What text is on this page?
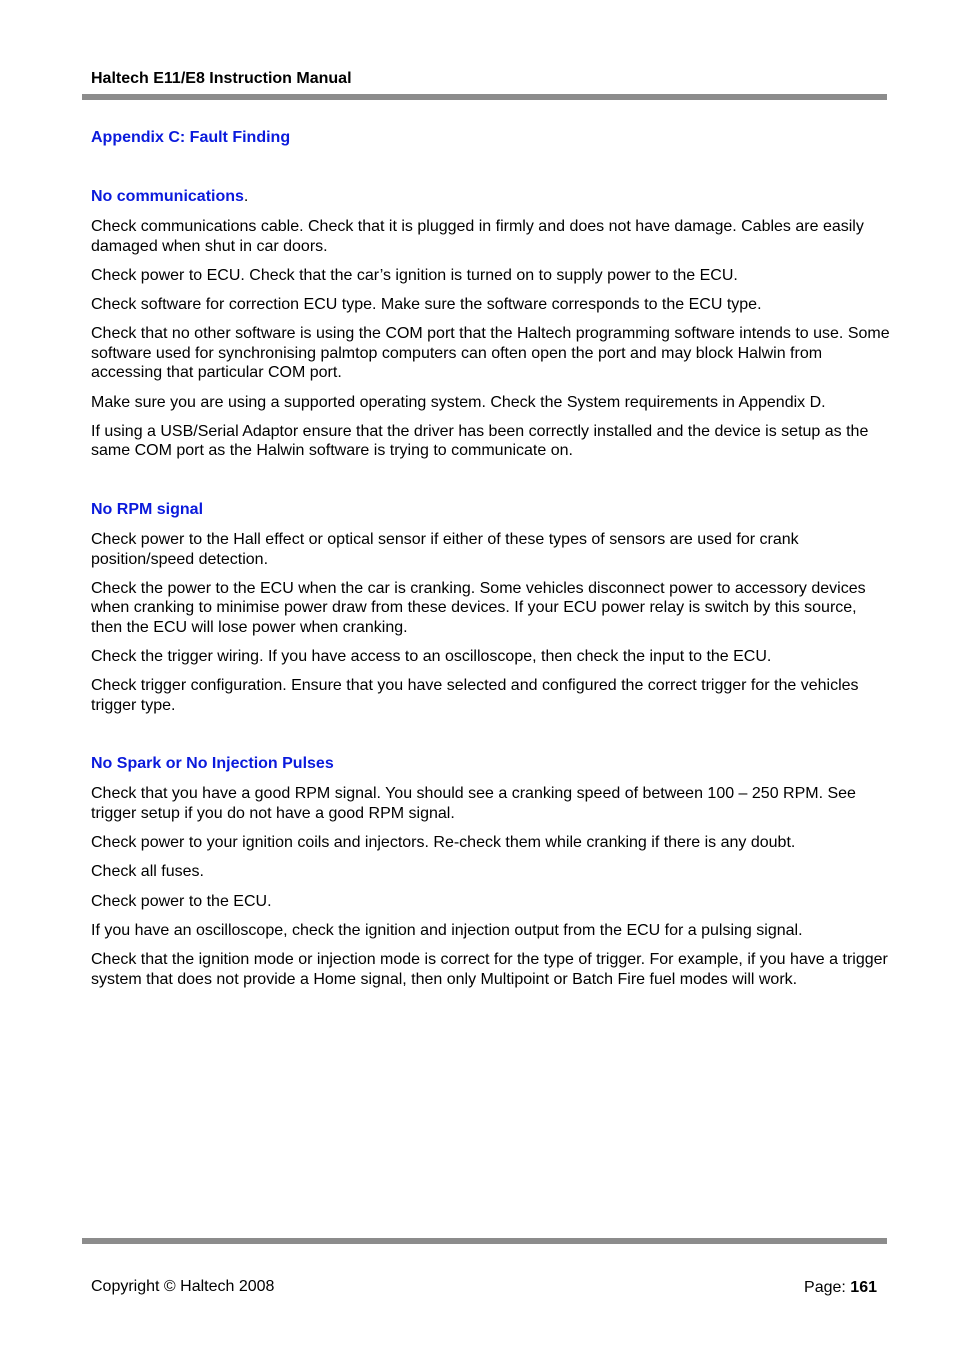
Haltech E11/E8 Instruction Manual
Appendix C: Fault Finding
No communications.
Check communications cable. Check that it is plugged in firmly and does not have damage. Cables are easily damaged when shut in car doors.
Check power to ECU. Check that the car’s ignition is turned on to supply power to the ECU.
Check software for correction ECU type. Make sure the software corresponds to the ECU type.
Check that no other software is using the COM port that the Haltech programming software intends to use. Some software used for synchronising palmtop computers can often open the port and may block Halwin from accessing that particular COM port.
Make sure you are using a supported operating system. Check the System requirements in Appendix D.
If using a USB/Serial Adaptor ensure that the driver has been correctly installed and the device is setup as the same COM port as the Halwin software is trying to communicate on.
No RPM signal
Check power to the Hall effect or optical sensor if either of these types of sensors are used for crank position/speed detection.
Check the power to the ECU when the car is cranking. Some vehicles disconnect power to accessory devices when cranking to minimise power draw from these devices. If your ECU power relay is switch by this source, then the ECU will lose power when cranking.
Check the trigger wiring. If you have access to an oscilloscope, then check the input to the ECU.
Check trigger configuration. Ensure that you have selected and configured the correct trigger for the vehicles trigger type.
No Spark or No Injection Pulses
Check that you have a good RPM signal. You should see a cranking speed of between 100 – 250 RPM. See trigger setup if you do not have a good RPM signal.
Check power to your ignition coils and injectors. Re-check them while cranking if there is any doubt.
Check all fuses.
Check power to the ECU.
If you have an oscilloscope, check the ignition and injection output from the ECU for a pulsing signal.
Check that the ignition mode or injection mode is correct for the type of trigger. For example, if you have a trigger system that does not provide a Home signal, then only Multipoint or Batch Fire fuel modes will work.
Copyright © Haltech 2008	Page: 161
